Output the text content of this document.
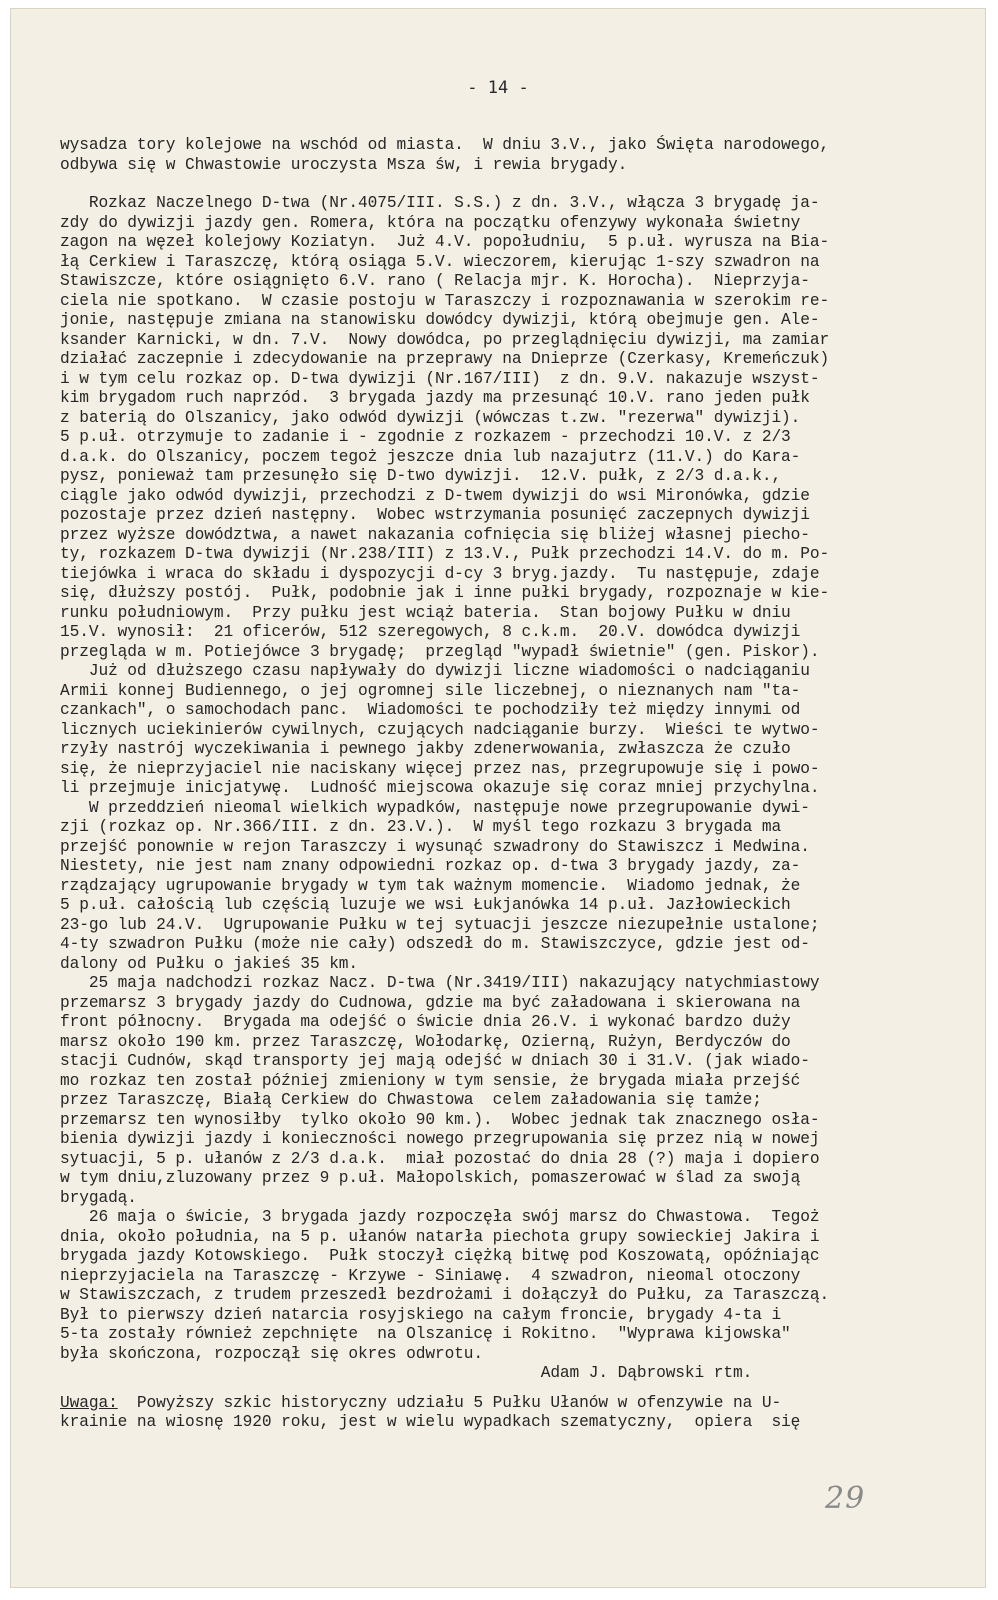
- 14 -
wysadza tory kolejowe na wschód od miasta.  W dniu 3.V., jako Święta narodowego,
odbywa się w Chwastowie uroczysta Msza św, i rewia brygady.
Rozkaz Naczelnego D-twa (Nr.4075/III. S.S.) z dn. 3.V., włącza 3 brygadę ja-
zdy do dywizji jazdy gen. Romera, która na początku ofenzywy wykonała świetny
zagon na węzeł kolejowy Koziatyn.  Już 4.V. popołudniu,  5 p.uł. wyrusza na Bia-
łą Cerkiew i Taraszczę, którą osiąga 5.V. wieczorem, kierując 1-szy szwadron na
Stawiszcze, które osiągnięto 6.V. rano ( Relacja mjr. K. Horocha).  Nieprzyja-
ciela nie spotkano.  W czasie postoju w Taraszczy i rozpoznawania w szerokim re-
jonie, następuje zmiana na stanowisku dowódcy dywizji, którą obejmuje gen. Ale-
ksander Karnicki, w dn. 7.V.  Nowy dowódca, po przeglądnięciu dywizji, ma zamiar
działać zaczepnie i zdecydowanie na przeprawy na Dnieprze (Czerkasy, Kremeńczuk)
i w tym celu rozkaz op. D-twa dywizji (Nr.167/III)  z dn. 9.V. nakazuje wszyst-
kim brygadom ruch naprzód.  3 brygada jazdy ma przesunąć 10.V. rano jeden pułk
z baterią do Olszanicy, jako odwód dywizji (wówczas t.zw. "rezerwa" dywizji).
5 p.uł. otrzymuje to zadanie i - zgodnie z rozkazem - przechodzi 10.V. z 2/3
d.a.k. do Olszanicy, poczem tegoż jeszcze dnia lub nazajutrz (11.V.) do Kara-
pysz, ponieważ tam przesunęło się D-two dywizji.  12.V. pułk, z 2/3 d.a.k.,
ciągle jako odwód dywizji, przechodzi z D-twem dywizji do wsi Mironówka, gdzie
pozostaje przez dzień następny.  Wobec wstrzymania posunięć zaczepnych dywizji
przez wyższe dowództwa, a nawet nakazania cofnięcia się bliżej własnej piecho-
ty, rozkazem D-twa dywizji (Nr.238/III) z 13.V., Pułk przechodzi 14.V. do m. Po-
tiejówka i wraca do składu i dyspozycji d-cy 3 bryg.jazdy.  Tu następuje, zdaje
się, dłuższy postój.  Pułk, podobnie jak i inne pułki brygady, rozpoznaje w kie-
runku południowym.  Przy pułku jest wciąż bateria.  Stan bojowy Pułku w dniu
15.V. wynosił:  21 oficerów, 512 szeregowych, 8 c.k.m.  20.V. dowódca dywizji
przegląda w m. Potiejówce 3 brygadę;  przegląd "wypadł świetnie" (gen. Piskor).
Już od dłuższego czasu napływały do dywizji liczne wiadomości o nadciąganiu
Armii konnej Budiennego, o jej ogromnej sile liczebnej, o nieznanych nam "ta-
czankach", o samochodach panc.  Wiadomości te pochodziły też między innymi od
licznych uciekinierów cywilnych, czujących nadciąganie burzy.  Wieści te wytwo-
rzyły nastrój wyczekiwania i pewnego jakby zdenerwowania, zwłaszcza że czuło
się, że nieprzyjaciel nie naciskany więcej przez nas, przegrupowuje się i powo-
li przejmuje inicjatywę.  Ludność miejscowa okazuje się coraz mniej przychylna.
W przeddzień nieomal wielkich wypadków, następuje nowe przegrupowanie dywi-
zji (rozkaz op. Nr.366/III. z dn. 23.V.).  W myśl tego rozkazu 3 brygada ma
przejść ponownie w rejon Taraszczy i wysunąć szwadrony do Stawiszcz i Medwina.
Niestety, nie jest nam znany odpowiedni rozkaz op. d-twa 3 brygady jazdy, za-
rządzający ugrupowanie brygady w tym tak ważnym momencie.  Wiadomo jednak, że
5 p.uł. całością lub częścią luzuje we wsi Łukjanówka 14 p.uł. Jazłowieckich
23-go lub 24.V.  Ugrupowanie Pułku w tej sytuacji jeszcze niezupełnie ustalone;
4-ty szwadron Pułku (może nie cały) odszedł do m. Stawiszczyce, gdzie jest od-
dalony od Pułku o jakieś 35 km.
25 maja nadchodzi rozkaz Nacz. D-twa (Nr.3419/III) nakazujący natychmiastowy
przemarsz 3 brygady jazdy do Cudnowa, gdzie ma być załadowana i skierowana na
front północny.  Brygada ma odejść o świcie dnia 26.V. i wykonać bardzo duży
marsz około 190 km. przez Taraszczę, Wołodarkę, Ozierną, Rużyn, Berdyczów do
stacji Cudnów, skąd transporty jej mają odejść w dniach 30 i 31.V. (jak wiado-
mo rozkaz ten został później zmieniony w tym sensie, że brygada miała przejść
przez Taraszczę, Białą Cerkiew do Chwastowa  celem załadowania się tamże;
przemarsz ten wynosiłby  tylko około 90 km.).  Wobec jednak tak znacznego osła-
bienia dywizji jazdy i konieczności nowego przegrupowania się przez nią w nowej
sytuacji, 5 p. ułanów z 2/3 d.a.k.  miał pozostać do dnia 28 (?) maja i dopiero
w tym dniu,zluzowany przez 9 p.uł. Małopolskich, pomaszerować w ślad za swoją
brygadą.
26 maja o świcie, 3 brygada jazdy rozpoczęła swój marsz do Chwastowa.  Tegoż
dnia, około południa, na 5 p. ułanów natarła piechota grupy sowieckiej Jakira i
brygada jazdy Kotowskiego.  Pułk stoczył ciężką bitwę pod Koszowatą, opóźniając
nieprzyjaciela na Taraszczę - Krzywe - Siniawę.  4 szwadron, nieomal otoczony
w Stawiszczach, z trudem przeszedł bezdrożami i dołączył do Pułku, za Taraszczą.
Był to pierwszy dzień natarcia rosyjskiego na całym froncie, brygady 4-ta i
5-ta zostały również zepchnięte  na Olszanicę i Rokitno.  "Wyprawa kijowska"
była skończona, rozpoczął się okres odwrotu.
Adam J. Dąbrowski rtm.
Uwaga:  Powyższy szkic historyczny udziału 5 Pułku Ułanów w ofenzywie na U-
krainie na wiosnę 1920 roku, jest w wielu wypadkach szematyczny,  opiera  się
29
